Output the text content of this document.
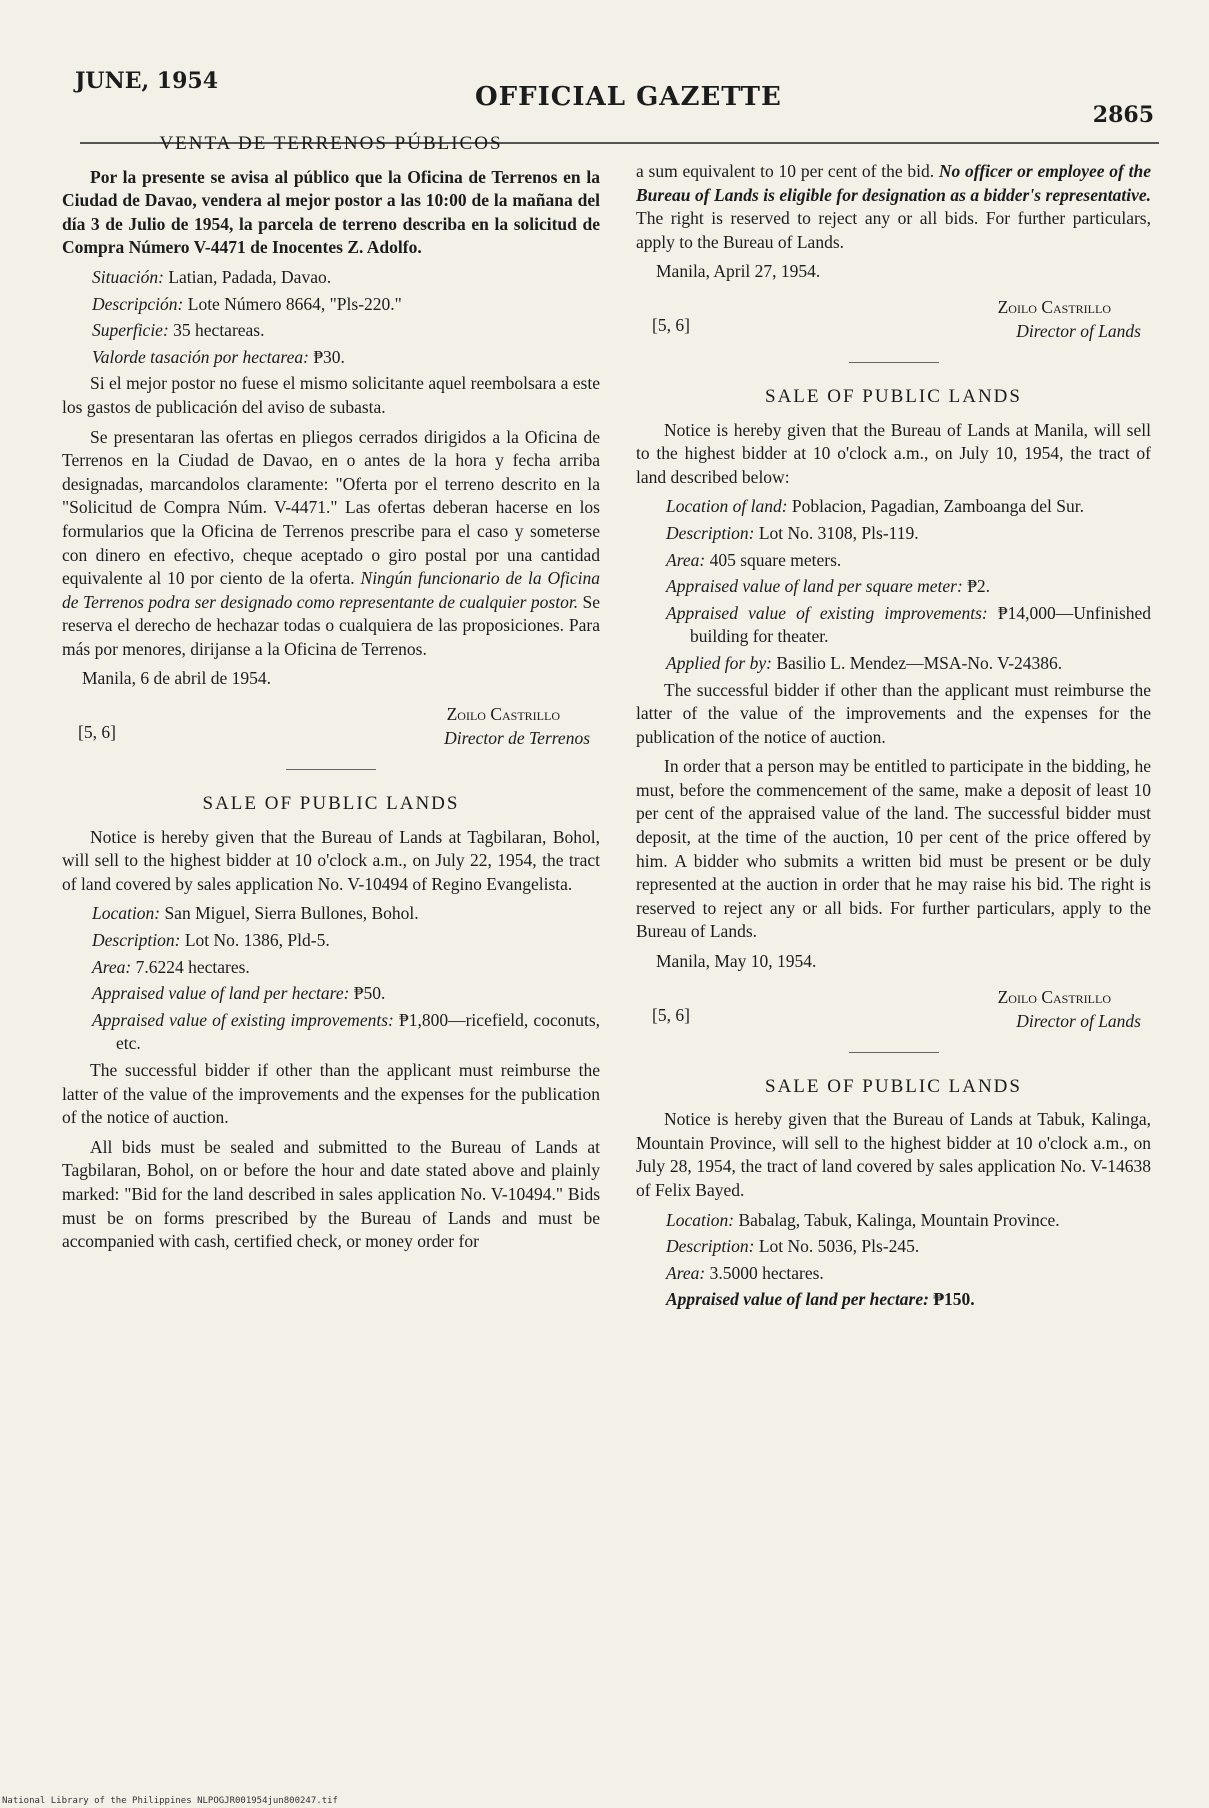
JUNE, 1954
OFFICIAL GAZETTE
2865
VENTA DE TERRENOS PÚBLICOS

Por la presente se avisa al público que la Oficina de Terrenos en la Ciudad de Davao, vendera al mejor postor a las 10:00 de la mañana del día 3 de Julio de 1954, la parcela de terreno describa en la solicitud de Compra Número V-4471 de Inocentes Z. Adolfo.

Situación: Latian, Padada, Davao.
Descripción: Lote Número 8664, "Pls-220."
Superficie: 35 hectareas.
Valorde tasación por hectarea: ₱30.

Si el mejor postor no fuese el mismo solicitante aquel reembolsara a este los gastos de publicación del aviso de subasta.

Se presentaran las ofertas en pliegos cerrados dirigidos a la Oficina de Terrenos en la Ciudad de Davao, en o antes de la hora y fecha arriba designadas, marcandolos claramente: "Oferta por el terreno descrito en la "Solicitud de Compra Núm. V-4471." Las ofertas deberan hacerse en los formularios que la Oficina de Terrenos prescribe para el caso y someterse con dinero en efectivo, cheque aceptado o giro postal por una cantidad equivalente al 10 por ciento de la oferta. Ningún funcionario de la Oficina de Terrenos podra ser designado como representante de cualquier postor. Se reserva el derecho de hechazar todas o cualquiera de las proposiciones. Para más por menores, dirijanse a la Oficina de Terrenos.

Manila, 6 de abril de 1954.

[5, 6]
Zoilo Castrillo
Director de Terrenos
SALE OF PUBLIC LANDS

Notice is hereby given that the Bureau of Lands at Tagbilaran, Bohol, will sell to the highest bidder at 10 o'clock a.m., on July 22, 1954, the tract of land covered by sales application No. V-10494 of Regino Evangelista.

Location: San Miguel, Sierra Bullones, Bohol.
Description: Lot No. 1386, Pld-5.
Area: 7.6224 hectares.
Appraised value of land per hectare: ₱50.
Appraised value of existing improvements: ₱1,800—ricefield, coconuts, etc.

The successful bidder if other than the applicant must reimburse the latter of the value of the improvements and the expenses for the publication of the notice of auction.

All bids must be sealed and submitted to the Bureau of Lands at Tagbilaran, Bohol, on or before the hour and date stated above and plainly marked: "Bid for the land described in sales application No. V-10494." Bids must be on forms prescribed by the Bureau of Lands and must be accompanied with cash, certified check, or money order for

a sum equivalent to 10 per cent of the bid. No officer or employee of the Bureau of Lands is eligible for designation as a bidder's representative. The right is reserved to reject any or all bids. For further particulars, apply to the Bureau of Lands.

Manila, April 27, 1954.

[5, 6]
Zoilo Castrillo
Director of Lands
SALE OF PUBLIC LANDS

Notice is hereby given that the Bureau of Lands at Manila, will sell to the highest bidder at 10 o'clock a.m., on July 10, 1954, the tract of land described below:

Location of land: Poblacion, Pagadian, Zamboanga del Sur.
Description: Lot No. 3108, Pls-119.
Area: 405 square meters.
Appraised value of land per square meter: ₱2.
Appraised value of existing improvements: ₱14,000—Unfinished building for theater.
Applied for by: Basilio L. Mendez—MSA-No. V-24386.

The successful bidder if other than the applicant must reimburse the latter of the value of the improvements and the expenses for the publication of the notice of auction.

In order that a person may be entitled to participate in the bidding, he must, before the commencement of the same, make a deposit of least 10 per cent of the appraised value of the land. The successful bidder must deposit, at the time of the auction, 10 per cent of the price offered by him. A bidder who submits a written bid must be present or be duly represented at the auction in order that he may raise his bid. The right is reserved to reject any or all bids. For further particulars, apply to the Bureau of Lands.

Manila, May 10, 1954.

[5, 6]
Zoilo Castrillo
Director of Lands
SALE OF PUBLIC LANDS

Notice is hereby given that the Bureau of Lands at Tabuk, Kalinga, Mountain Province, will sell to the highest bidder at 10 o'clock a.m., on July 28, 1954, the tract of land covered by sales application No. V-14638 of Felix Bayed.

Location: Babalag, Tabuk, Kalinga, Mountain Province.
Description: Lot No. 5036, Pls-245.
Area: 3.5000 hectares.
Appraised value of land per hectare: ₱150.
National Library of the Philippines NLPOGJR001954jun800247.tif
